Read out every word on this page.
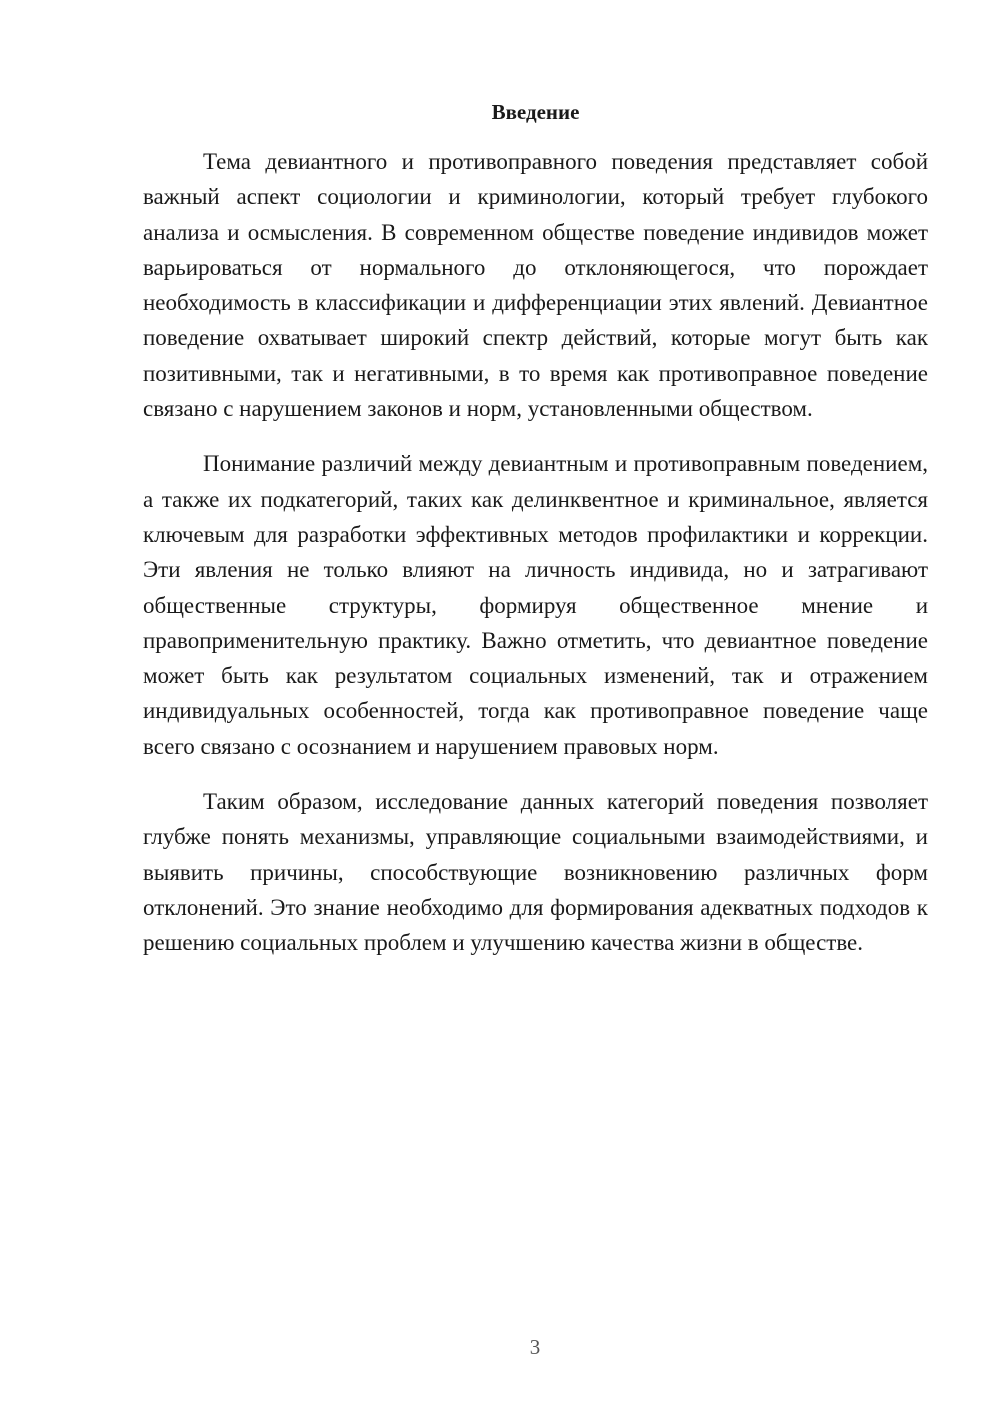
Введение

Тема девиантного и противоправного поведения представляет собой важный аспект социологии и криминологии, который требует глубокого анализа и осмысления. В современном обществе поведение индивидов может варьироваться от нормального до отклоняющегося, что порождает необходимость в классификации и дифференциации этих явлений. Девиантное поведение охватывает широкий спектр действий, которые могут быть как позитивными, так и негативными, в то время как противоправное поведение связано с нарушением законов и норм, установленными обществом.

Понимание различий между девиантным и противоправным поведением, а также их подкатегорий, таких как делинквентное и криминальное, является ключевым для разработки эффективных методов профилактики и коррекции. Эти явления не только влияют на личность индивида, но и затрагивают общественные структуры, формируя общественное мнение и правоприменительную практику. Важно отметить, что девиантное поведение может быть как результатом социальных изменений, так и отражением индивидуальных особенностей, тогда как противоправное поведение чаще всего связано с осознанием и нарушением правовых норм.

Таким образом, исследование данных категорий поведения позволяет глубже понять механизмы, управляющие социальными взаимодействиями, и выявить причины, способствующие возникновению различных форм отклонений. Это знание необходимо для формирования адекватных подходов к решению социальных проблем и улучшению качества жизни в обществе.

3
